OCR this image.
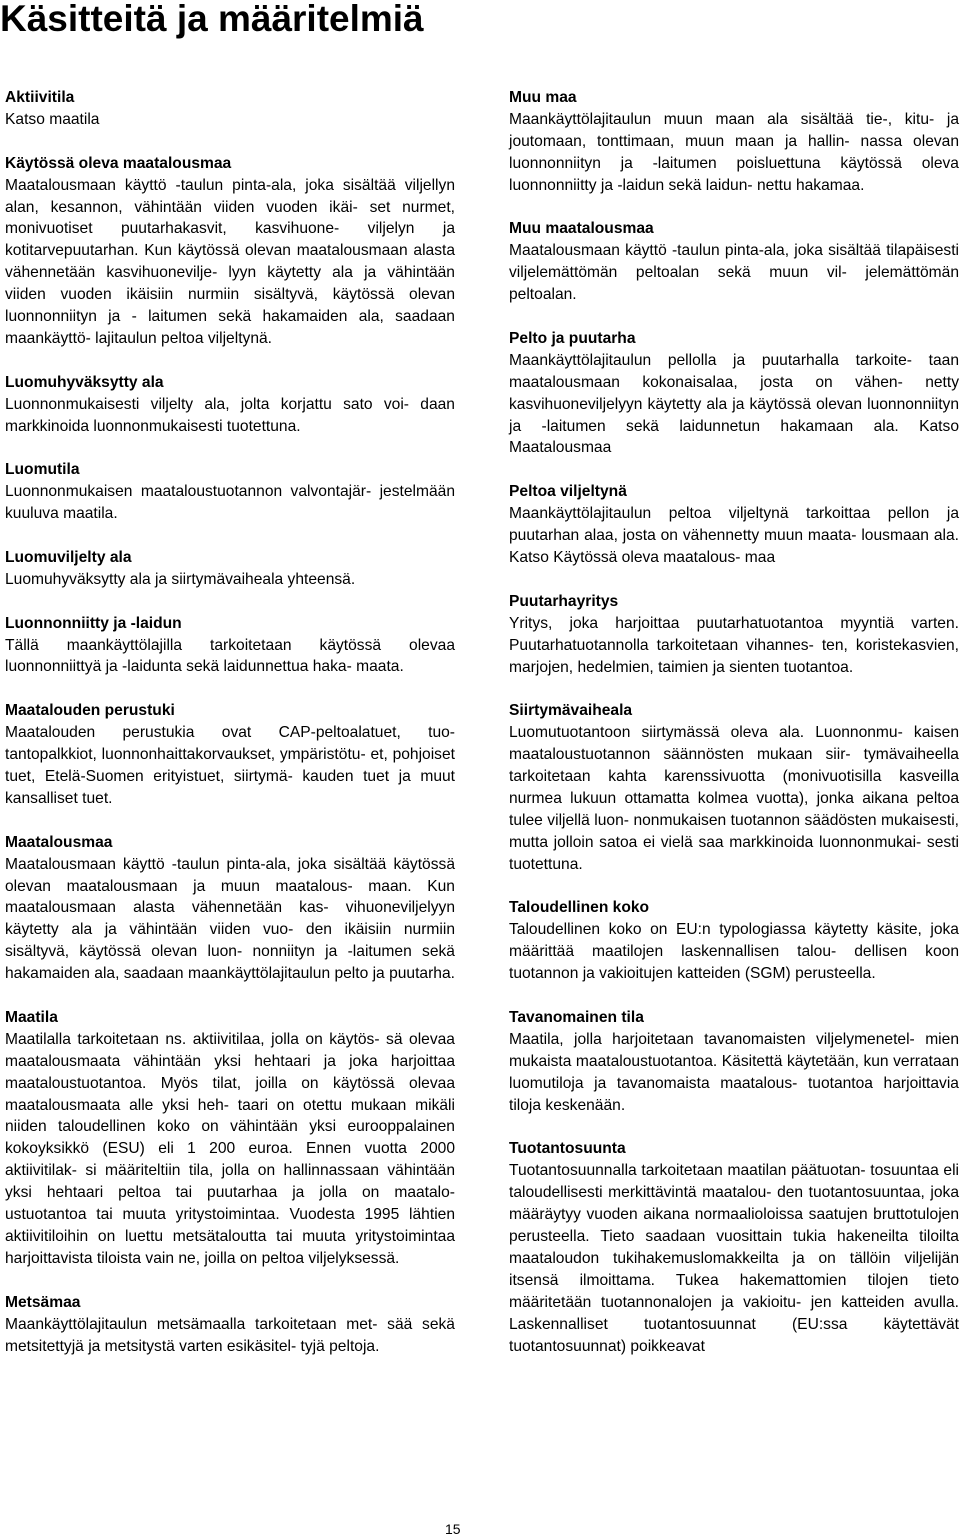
Käsitteitä ja määritelmiä
Aktiivitila
Katso maatila
Käytössä oleva maatalousmaa
Maatalousmaan käyttö -taulun pinta-ala, joka sisältää viljellyn alan, kesannon, vähintään viiden vuoden ikäi- set nurmet, monivuotiset puutarhakasvit, kasvihuone- viljelyn ja kotitarvepuutarhan. Kun käytössä olevan maatalousmaan alasta vähennetään kasvihuonevilje- lyyn käytetty ala ja vähintään viiden vuoden ikäisiin nurmiin sisältyvä, käytössä olevan luonnonniityn ja - laitumen sekä hakamaiden ala, saadaan maankäyttö- lajitaulun peltoa viljeltynä.
Luomuhyväksytty ala
Luonnonmukaisesti viljelty ala, jolta korjattu sato voi- daan markkinoida luonnonmukaisesti tuotettuna.
Luomutila
Luonnonmukaisen maataloustuotannon valvontajär- jestelmään kuuluva maatila.
Luomuviljelty ala
Luomuhyväksytty ala ja siirtymävaiheala yhteensä.
Luonnonniitty ja -laidun
Tällä maankäyttölajilla tarkoitetaan käytössä olevaa luonnonniittyä ja -laidunta sekä laidunnettua haka- maata.
Maatalouden perustuki
Maatalouden perustukia ovat CAP-peltoalatuet, tuo- tantopalkkiot, luonnonhaittakorvaukset, ympäristötu- et, pohjoiset tuet, Etelä-Suomen erityistuet, siirtymä- kauden tuet ja muut kansalliset tuet.
Maatalousmaa
Maatalousmaan käyttö -taulun pinta-ala, joka sisältää käytössä olevan maatalousmaan ja muun maatalous- maan. Kun maatalousmaan alasta vähennetään kas- vihuoneviljelyyn käytetty ala ja vähintään viiden vuo- den ikäisiin nurmiin sisältyvä, käytössä olevan luon- nonniityn ja -laitumen sekä hakamaiden ala, saadaan maankäyttölajitaulun pelto ja puutarha.
Maatila
Maatilalla tarkoitetaan ns. aktiivitilaa, jolla on käytös- sä olevaa maatalousmaata vähintään yksi hehtaari ja joka harjoittaa maataloustuotantoa. Myös tilat, joilla on käytössä olevaa maatalousmaata alle yksi heh- taari on otettu mukaan mikäli niiden taloudellinen koko on vähintään yksi eurooppalainen kokoyksikkö (ESU) eli 1 200 euroa. Ennen vuotta 2000 aktiivitilak- si määriteltiin tila, jolla on hallinnassaan vähintään yksi hehtaari peltoa tai puutarhaa ja jolla on maatalo- ustuotantoa tai muuta yritystoimintaa. Vuodesta 1995 lähtien aktiivitiloihin on luettu metsätaloutta tai muuta yritystoimintaa harjoittavista tiloista vain ne, joilla on peltoa viljelyksessä.
Metsämaa
Maankäyttölajitaulun metsämaalla tarkoitetaan met- sää sekä metsitettyjä ja metsitystä varten esikäsitel- tyjä peltoja.
Muu maa
Maankäyttölajitaulun muun maan ala sisältää tie-, kitu- ja joutomaan, tonttimaan, muun maan ja hallin- nassa olevan luonnonniityn ja -laitumen poisluettuna käytössä oleva luonnonniitty ja -laidun sekä laidun- nettu hakamaa.
Muu maatalousmaa
Maatalousmaan käyttö -taulun pinta-ala, joka sisältää tilapäisesti viljelemättömän peltoalan sekä muun vil- jelemättömän peltoalan.
Pelto ja puutarha
Maankäyttölajitaulun pellolla ja puutarhalla tarkoite- taan maatalousmaan kokonaisalaa, josta on vähen- netty kasvihuoneviljelyyn käytetty ala ja käytössä olevan luonnonniityn ja -laitumen sekä laidunnetun hakamaan ala. Katso Maatalousmaa
Peltoa viljeltynä
Maankäyttölajitaulun peltoa viljeltynä tarkoittaa pellon ja puutarhan alaa, josta on vähennetty muun maata- lousmaan ala. Katso Käytössä oleva maatalous- maa
Puutarhayritys
Yritys, joka harjoittaa puutarhatuotantoa myyntiä varten. Puutarhatuotannolla tarkoitetaan vihannes- ten, koristekasvien, marjojen, hedelmien, taimien ja sienten tuotantoa.
Siirtymävaiheala
Luomutuotantoon siirtymässä oleva ala. Luonnonmu- kaisen maataloustuotannon säännösten mukaan siir- tymävaiheella tarkoitetaan kahta karenssivuotta (monivuotisilla kasveilla nurmea lukuun ottamatta kolmea vuotta), jonka aikana peltoa tulee viljellä luon- nonmukaisen tuotannon säädösten mukaisesti, mutta jolloin satoa ei vielä saa markkinoida luonnonmukai- sesti tuotettuna.
Taloudellinen koko
Taloudellinen koko on EU:n typologiassa käytetty käsite, joka määrittää maatilojen laskennallisen talou- dellisen koon tuotannon ja vakioitujen katteiden (SGM) perusteella.
Tavanomainen tila
Maatila, jolla harjoitetaan tavanomaisten viljelymenetel- mien mukaista maataloustuotantoa. Käsitettä käytetään, kun verrataan luomutiloja ja tavanomaista maatalous- tuotantoa harjoittavia tiloja keskenään.
Tuotantosuunta
Tuotantosuunnalla tarkoitetaan maatilan päätuotan- tosuuntaa eli taloudellisesti merkittävintä maatalou- den tuotantosuuntaa, joka määräytyy vuoden aikana normaalioloissa saatujen bruttotulojen perusteella. Tieto saadaan vuosittain tukia hakeneilta tiloilta maataloudon tukihakemuslomakkeilta ja on tällöin viljelijän itsensä ilmoittama. Tukea hakemattomien tilojen tieto määritetään tuotannonalojen ja vakioitu- jen katteiden avulla. Laskennalliset tuotantosuunnat (EU:ssa käytettävät tuotantosuunnat) poikkeavat
15
